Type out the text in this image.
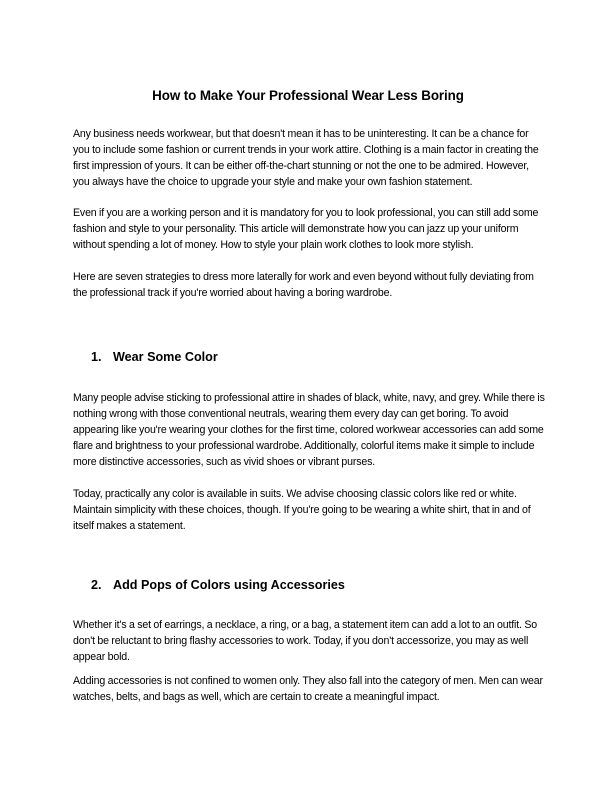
How to Make Your Professional Wear Less Boring
Any business needs workwear, but that doesn't mean it has to be uninteresting. It can be a chance for you to include some fashion or current trends in your work attire. Clothing is a main factor in creating the first impression of yours. It can be either off-the-chart stunning or not the one to be admired. However, you always have the choice to upgrade your style and make your own fashion statement.
Even if you are a working person and it is mandatory for you to look professional, you can still add some fashion and style to your personality. This article will demonstrate how you can jazz up your uniform without spending a lot of money. How to style your plain work clothes to look more stylish.
Here are seven strategies to dress more laterally for work and even beyond without fully deviating from the professional track if you're worried about having a boring wardrobe.
1. Wear Some Color
Many people advise sticking to professional attire in shades of black, white, navy, and grey. While there is nothing wrong with those conventional neutrals, wearing them every day can get boring. To avoid appearing like you're wearing your clothes for the first time, colored workwear accessories can add some flare and brightness to your professional wardrobe. Additionally, colorful items make it simple to include more distinctive accessories, such as vivid shoes or vibrant purses.
Today, practically any color is available in suits. We advise choosing classic colors like red or white. Maintain simplicity with these choices, though. If you're going to be wearing a white shirt, that in and of itself makes a statement.
2. Add Pops of Colors using Accessories
Whether it's a set of earrings, a necklace, a ring, or a bag, a statement item can add a lot to an outfit. So don't be reluctant to bring flashy accessories to work. Today, if you don't accessorize, you may as well appear bold.
Adding accessories is not confined to women only. They also fall into the category of men. Men can wear watches, belts, and bags as well, which are certain to create a meaningful impact.
